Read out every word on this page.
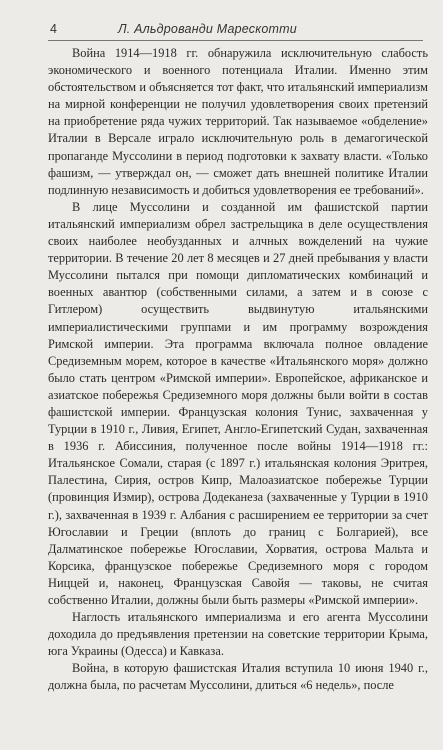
4	Л. Альдрованди Марескотти

Война 1914—1918 гг. обнаружила исключительную слабость экономического и военного потенциала Италии. Именно этим обстоятельством и объясняется тот факт, что итальянский империализм на мирной конференции не получил удовлетворения своих претензий на приобретение ряда чужих территорий. Так называемое «обделение» Италии в Версале играло исключительную роль в демагогической пропаганде Муссолини в период подготовки к захвату власти. «Только фашизм, — утверждал он, — сможет дать внешней политике Италии подлинную независимость и добиться удовлетворения ее требований».

В лице Муссолини и созданной им фашистской партии итальянский империализм обрел застрельщика в деле осуществления своих наиболее необузданных и алчных вожделений на чужие территории. В течение 20 лет 8 месяцев и 27 дней пребывания у власти Муссолини пытался при помощи дипломатических комбинаций и военных авантюр (собственными силами, а затем и в союзе с Гитлером) осуществить выдвинутую итальянскими империалистическими группами и им программу возрождения Римской империи. Эта программа включала полное овладение Средиземным морем, которое в качестве «Итальянского моря» должно было стать центром «Римской империи». Европейское, африканское и азиатское побережья Средиземного моря должны были войти в состав фашистской империи. Французская колония Тунис, захваченная у Турции в 1910 г., Ливия, Египет, Англо-Египетский Судан, захваченная в 1936 г. Абиссиния, полученное после войны 1914—1918 гг.: Итальянское Сомали, старая (с 1897 г.) итальянская колония Эритрея, Палестина, Сирия, остров Кипр, Малоазиатское побережье Турции (провинция Измир), острова Додеканеза (захваченные у Турции в 1910 г.), захваченная в 1939 г. Албания с расширением ее территории за счет Югославии и Греции (вплоть до границ с Болгарией), все Далматинское побережье Югославии, Хорватия, острова Мальта и Корсика, французское побережье Средиземного моря с городом Ниццей и, наконец, Французская Савойя — таковы, не считая собственно Италии, должны были быть размеры «Римской империи».

Наглость итальянского империализма и его агента Муссолини доходила до предъявления претензии на советские территории Крыма, юга Украины (Одесса) и Кавказа.

Война, в которую фашистская Италия вступила 10 июня 1940 г., должна была, по расчетам Муссолини, длиться «6 недель», после
